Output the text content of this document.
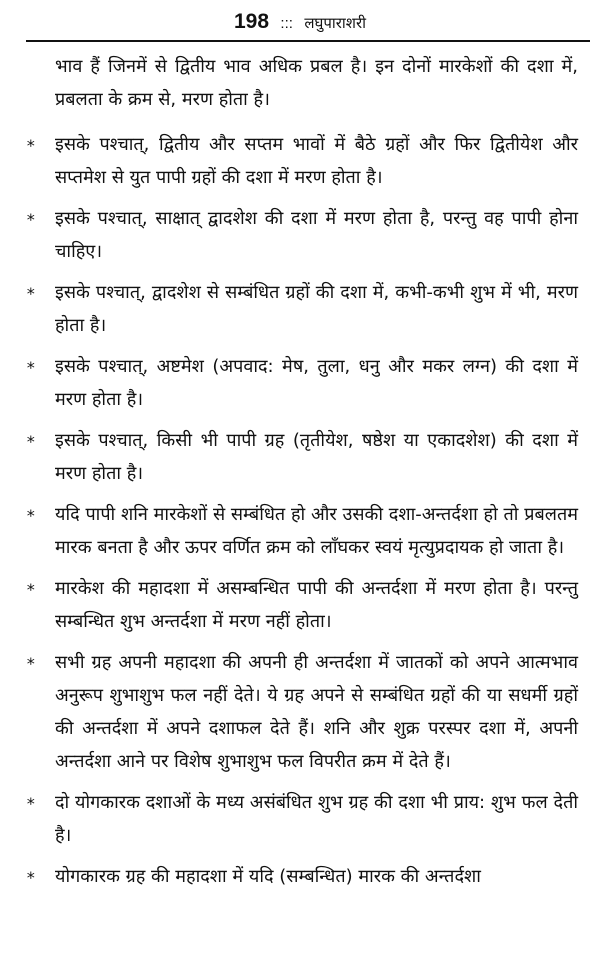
198 ::: लघुपाराशरी
भाव हैं जिनमें से द्वितीय भाव अधिक प्रबल है। इन दोनों मारकेशों की दशा में, प्रबलता के क्रम से, मरण होता है।
* इसके पश्चात्, द्वितीय और सप्तम भावों में बैठे ग्रहों और फिर द्वितीयेश और सप्तमेश से युत पापी ग्रहों की दशा में मरण होता है।
* इसके पश्चात्, साक्षात् द्वादशेश की दशा में मरण होता है, परन्तु वह पापी होना चाहिए।
* इसके पश्चात्, द्वादशेश से सम्बंधित ग्रहों की दशा में, कभी-कभी शुभ में भी, मरण होता है।
* इसके पश्चात्, अष्टमेश (अपवाद: मेष, तुला, धनु और मकर लग्न) की दशा में मरण होता है।
* इसके पश्चात्, किसी भी पापी ग्रह (तृतीयेश, षष्ठेश या एकादशेश) की दशा में मरण होता है।
* यदि पापी शनि मारकेशों से सम्बंधित हो और उसकी दशा-अन्तर्दशा हो तो प्रबलतम मारक बनता है और ऊपर वर्णित क्रम को लाँघकर स्वयं मृत्युप्रदायक हो जाता है।
* मारकेश की महादशा में असम्बन्धित पापी की अन्तर्दशा में मरण होता है। परन्तु सम्बन्धित शुभ अन्तर्दशा में मरण नहीं होता।
* सभी ग्रह अपनी महादशा की अपनी ही अन्तर्दशा में जातकों को अपने आत्मभाव अनुरूप शुभाशुभ फल नहीं देते। ये ग्रह अपने से सम्बंधित ग्रहों की या सधर्मी ग्रहों की अन्तर्दशा में अपने दशाफल देते हैं। शनि और शुक्र परस्पर दशा में, अपनी अन्तर्दशा आने पर विशेष शुभाशुभ फल विपरीत क्रम में देते हैं।
* दो योगकारक दशाओं के मध्य असंबंधित शुभ ग्रह की दशा भी प्राय: शुभ फल देती है।
* योगकारक ग्रह की महादशा में यदि (सम्बन्धित) मारक की अन्तर्दशा
